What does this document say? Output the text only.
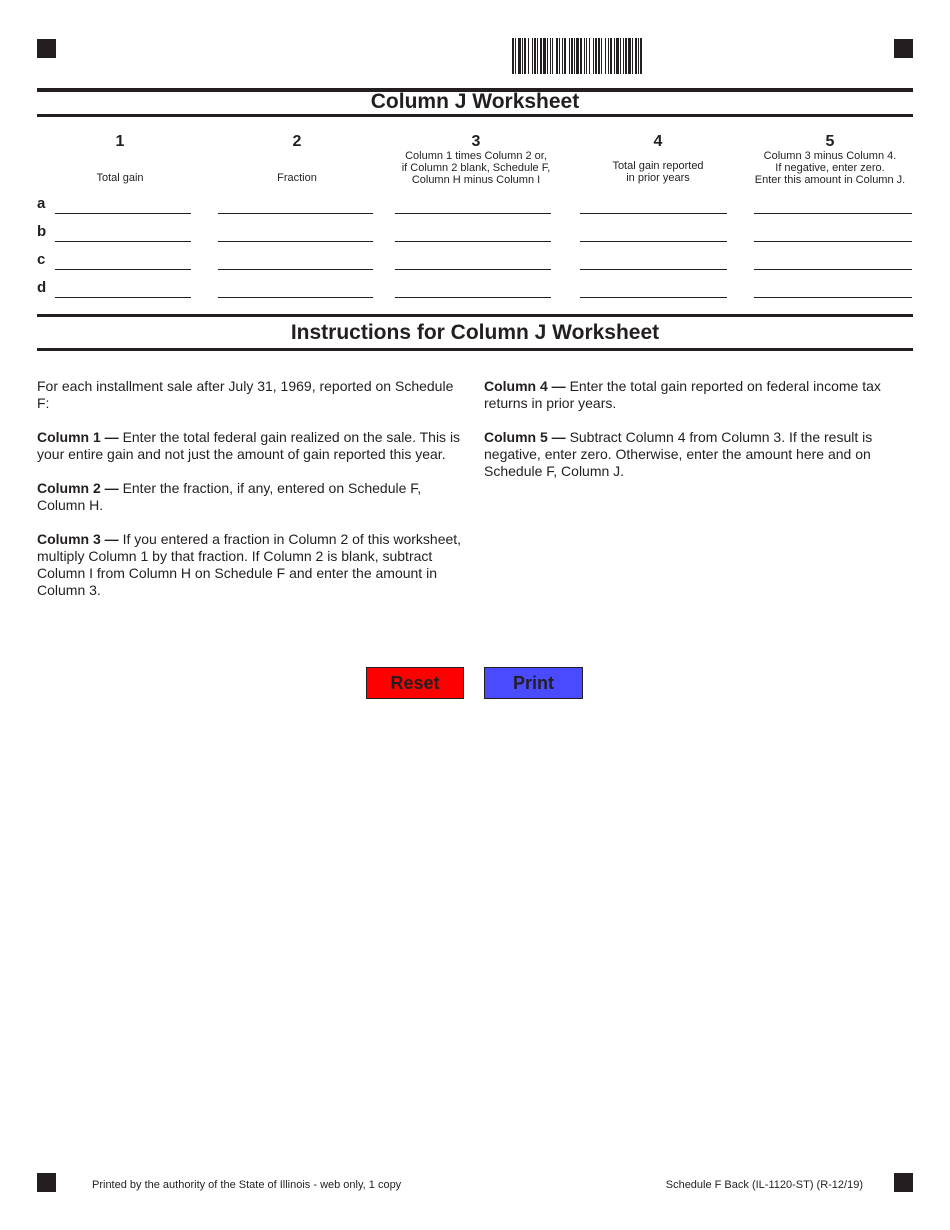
Column J Worksheet
1
Total gain
2
Fraction
3
Column 1 times Column 2 or,
if Column 2 blank, Schedule F,
Column H minus Column I
4
Total gain reported
in prior years
5
Column 3 minus Column 4.
If negative, enter zero.
Enter this amount in Column J.
a
b
c
d
Instructions for Column J Worksheet

For each installment sale after July 31, 1969, reported on Schedule F:

Column 1 — Enter the total federal gain realized on the sale. This is your entire gain and not just the amount of gain reported this year.

Column 2 — Enter the fraction, if any, entered on Schedule F, Column H.

Column 3 — If you entered a fraction in Column 2 of this worksheet, multiply Column 1 by that fraction. If Column 2 is blank, subtract Column I from Column H on Schedule F and enter the amount in Column 3.

Column 4 — Enter the total gain reported on federal income tax returns in prior years.

Column 5 — Subtract Column 4 from Column 3. If the result is negative, enter zero. Otherwise, enter the amount here and on Schedule F, Column J.

Reset	Print
Printed by the authority of the State of Illinois - web only, 1 copy	Schedule F Back (IL-1120-ST) (R-12/19)
